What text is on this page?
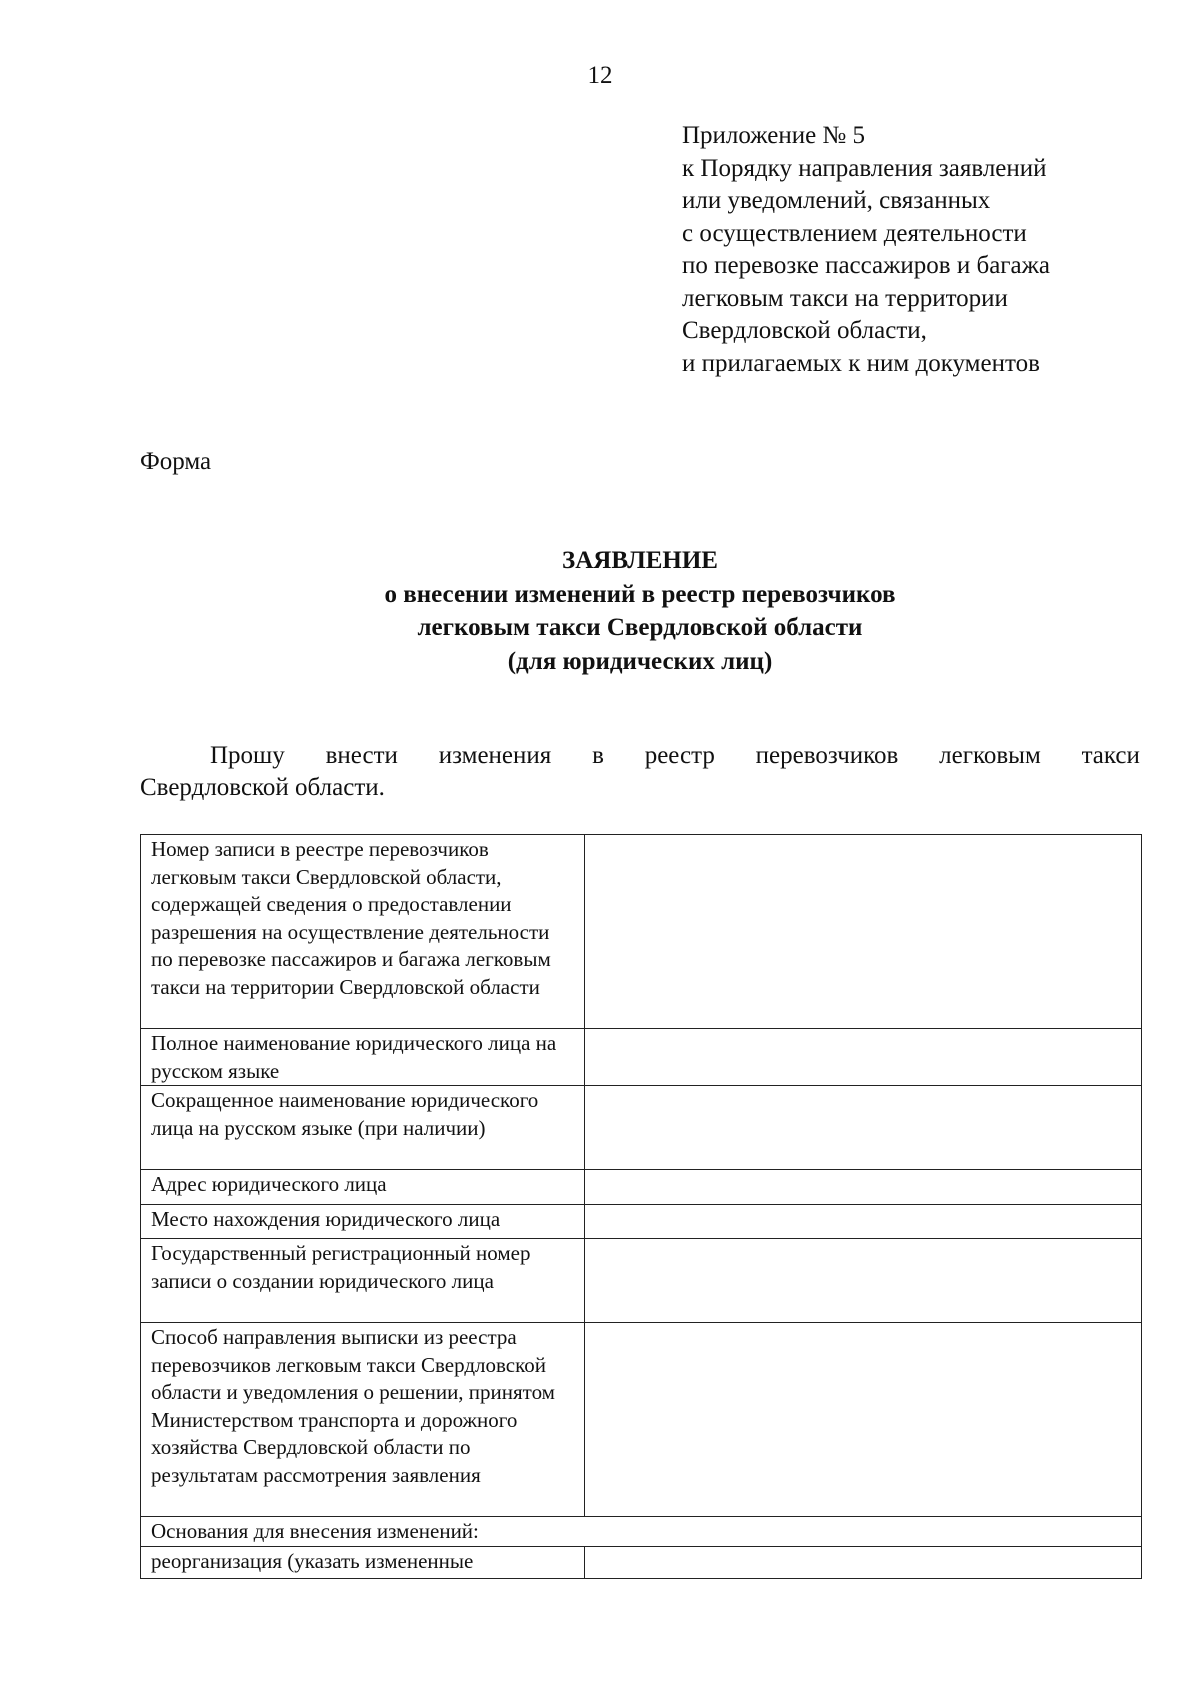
12
Приложение № 5
к Порядку направления заявлений
или уведомлений, связанных
с осуществлением деятельности
по перевозке пассажиров и багажа
легковым такси на территории
Свердловской области,
и прилагаемых к ним документов
Форма
ЗАЯВЛЕНИЕ
о внесении изменений в реестр перевозчиков
легковым такси Свердловской области
(для юридических лиц)
Прошу внести изменения в реестр перевозчиков легковым такси
Свердловской области.
Номер записи в реестре перевозчиков легковым такси Свердловской области, содержащей сведения о предоставлении разрешения на осуществление деятельности по перевозке пассажиров и багажа легковым такси на территории Свердловской области	
Полное наименование юридического лица на русском языке	
Сокращенное наименование юридического лица на русском языке (при наличии)	
Адрес юридического лица	
Место нахождения юридического лица	
Государственный регистрационный номер записи о создании юридического лица	
Способ направления выписки из реестра перевозчиков легковым такси Свердловской области и уведомления о решении, принятом Министерством транспорта и дорожного хозяйства Свердловской области по результатам рассмотрения заявления	
Основания для внесения изменений:	
реорганизация (указать измененные	
